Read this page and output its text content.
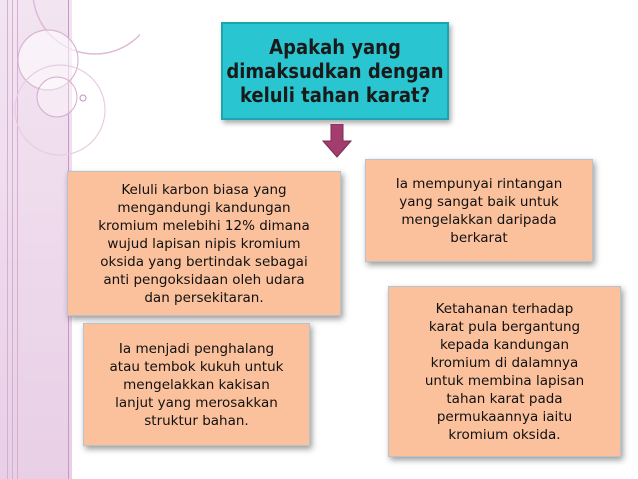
Apakah yang
dimaksudkan dengan
keluli tahan karat?
Keluli karbon biasa yang
mengandungi kandungan
kromium melebihi 12% dimana
wujud lapisan nipis kromium
oksida yang bertindak sebagai
anti pengoksidaan oleh udara
dan persekitaran.
Ia mempunyai rintangan
yang sangat baik untuk
mengelakkan daripada
berkarat
Ia menjadi penghalang
atau tembok kukuh untuk
mengelakkan kakisan
lanjut yang merosakkan
struktur bahan.
Ketahanan terhadap
karat pula bergantung
kepada kandungan
kromium di dalamnya
untuk membina lapisan
tahan karat pada
permukaannya iaitu
kromium oksida.
